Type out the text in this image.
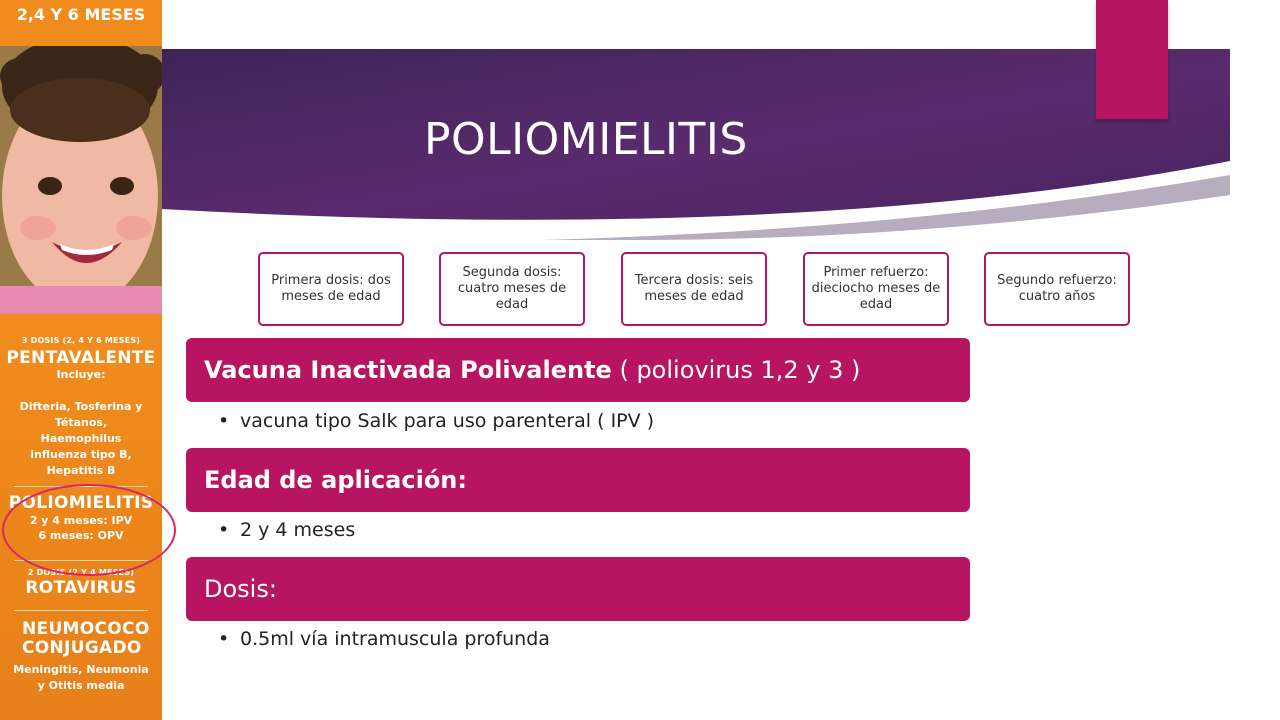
2,4 Y 6 MESES
3 DOSIS (2, 4 Y 6 MESES)
PENTAVALENTE
Incluye:
Difteria, Tosferina y Tétanos, Haemophilus influenza tipo B, Hepatitis B
POLIOMIELITIS
2 y 4 meses: IPV
6 meses: OPV
2 DOSIS (2 Y 4 MESES)
ROTAVIRUS
NEUMOCOCO CONJUGADO
Meningitis, Neumonia y Otitis media
POLIOMIELITIS
Primera dosis: dos meses de edad
Segunda dosis: cuatro meses de edad
Tercera dosis: seis meses de edad
Primer refuerzo: dieciocho meses de edad
Segundo refuerzo: cuatro años
Vacuna Inactivada Polivalente ( poliovirus 1,2 y 3 )
• vacuna tipo Salk para uso parenteral ( IPV )
Edad de aplicación:
• 2 y 4 meses
Dosis:
• 0.5ml vía intramuscula profunda
